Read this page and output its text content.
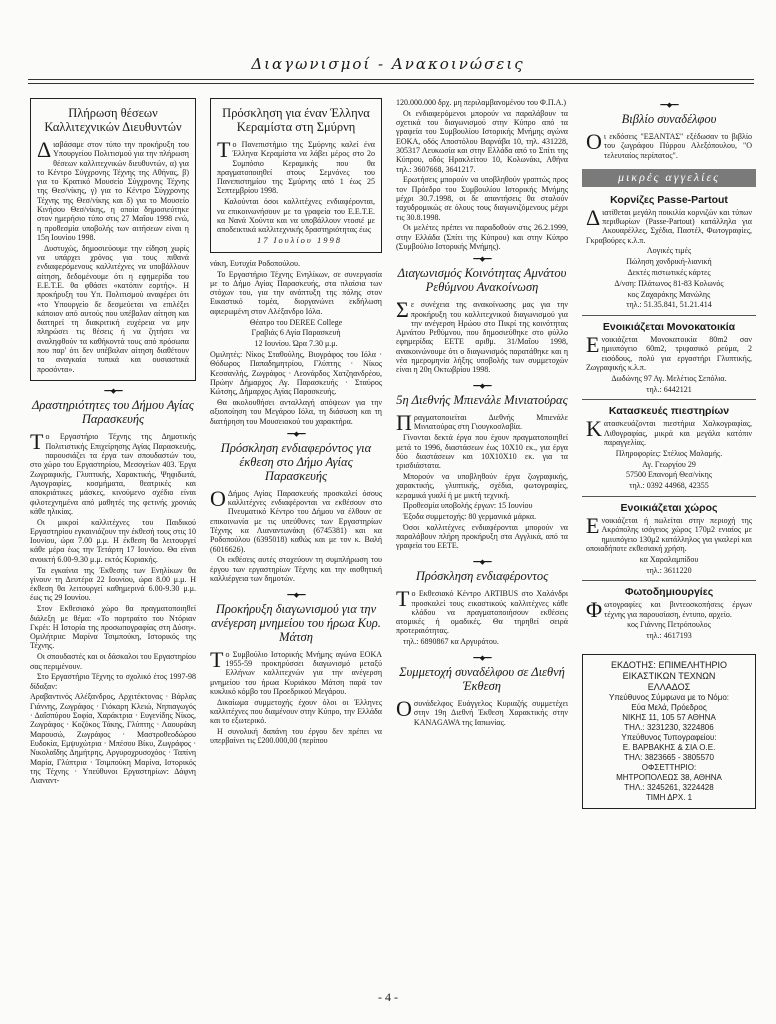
Διαγωνισμοί - Ανακοινώσεις
Πλήρωση θέσεων Καλλιτεχνικών Διευθυντών

Διαβάσαμε στον τύπο την προκήρυξη του Υπουργείου Πολιτισμού για την πλήρωση θέσεων καλλιτεχνικών διευθυντών, α) για το Κέντρο Σύγχρονης Τέχνης της Αθήνας, β) για το Κρατικό Μουσείο Σύγχρονης Τέχνης της Θεσ/νίκης, γ) για το Κέντρο Σύγχρονης Τέχνης της Θεσ/νίκης και δ) για το Μουσείο Κινήσου Θεσ/νίκης, η οποία δημοσιεύτηκε στον ημερήσιο τύπο στις 27 Μαΐου 1998 ενώ, η προθεσμία υποβολής των αιτήσεων είναι η 15η Ιουνίου 1998.

Δυστυχώς, δημοσιεύουμε την είδηση χωρίς να υπάρχει χρόνος για τους πιθανά ενδιαφερόμενους καλλιτέχνες να υποβάλλουν αίτηση, δεδομένουμε ότι η εφημερίδα του Ε.Ε.Τ.Ε. θα φθάσει «κατόπιν εορτής». Η προκήρυξη του Υπ. Πολιτισμού αναφέρει ότι «το Υπουργείο δε δεσμεύεται να επιλέξει κάποιον από αυτούς που υπέβαλαν αίτηση και διατηρεί τη διακριτική ευχέρεια να μην πληρώσει τις θέσεις ή να ζητήσει να αναληφθούν τα καθήκοντά τους από πρόσωπα που παρ' ότι δεν υπέβαλαν αίτηση διαθέτουν τα αναγκαία τυπικά και ουσιαστικά προσόντα».

━━◆━━
Δραστηριότητες του Δήμου Αγίας Παρασκευής

Το Εργαστήριο Τέχνης της Δημοτικής Πολιτιστικής Επιχείρησης Αγίας Παρασκευής, παρουσιάζει τα έργα των σπουδαστών του, στο χώρο του Εργαστηρίου, Μεσογείων 403. Έργα Ζωγραφικής, Γλυπτικής, Χαρακτικής, Ψηφιδωτά, Αγιογραφίες, κοσμήματα, θεατρικές και αποκριάτικες μάσκες, κινούμενο σχέδιο είναι φιλοτεχνημένα από μαθητές της φετινής χρονιάς κάθε ηλικίας.

Οι μικροί καλλιτέχνες του Παιδικού Εργαστηρίου εγκαινιάζουν την έκθεσή τους στις 10 Ιουνίου, ώρα 7.00 μ.μ. Η έκθεση θα λειτουργεί κάθε μέρα έως την Τετάρτη 17 Ιουνίου. Θα είναι ανοικτή 6.00-9.30 μ.μ. εκτός Κυριακής.

Τα εγκαίνια της Έκθεσης των Ενηλίκων θα γίνουν τη Δευτέρα 22 Ιουνίου, ώρα 8.00 μ.μ. Η έκθεση θα λειτουργεί καθημερινά 6.00-9.30 μ.μ. έως τις 29 Ιουνίου.

Στον Εκθεσιακό χώρο θα πραγματοποιηθεί διάλεξη με θέμα: «Το πορτραίτο του Ντόριαν Γκρέι: Η Ιστορία της προσωπογραφίας στη Δύση». Ομιλήτρια: Μαρίνα Τσιμπούκη, Ιστορικός της Τέχνης.

Οι σπουδαστές και οι δάσκαλοι του Εργαστηρίου σας περιμένουν.

Στο Εργαστήριο Τέχνης το σχολικό έτος 1997-98 δίδαξαν:

Αραβαντινός Αλέξανδρος, Αρχιτέκτονας · Βάρλας Γιάννης, Ζωγράφος · Γιόκαρη Κλειώ, Νηπιαγωγός · Δαΐσπύρου Σοφία, Χαράκτρια · Ευγενίδης Νίκος, Ζωγράφος · Κοζόκος Τάκης, Γλύπτης · Λαουράκη Μαρουσώ, Ζωγράφος · Μαστροθεοδώρου Ευδοκία, Εμψυχώτρια · Μπέσου Βίκυ, Ζωγράφος · Νικολαΐδης Δημήτρης, Αργυροχρυσοχόος · Ταπίνη Μαρία, Γλύπτρια · Τσιμπούκη Μαρίνα, Ιστορικός της Τέχνης · Υπεύθυνοι Εργαστηρίων: Δάφνη Λιαναντ-

Πρόσκληση για έναν Έλληνα Κεραμίστα στη Σμύρνη

Το Πανεπιστήμιο της Σμύρνης καλεί ένα Έλληνα Κεραμίστα να λάβει μέρος στο 2ο Συμπόσιο Κεραμικής που θα πραγματοποιηθεί στους Σεμνόνες του Πανεπιστημίου της Σμύρνης από 1 έως 25 Σεπτεμβρίου 1998.

Καλούνται όσοι καλλιτέχνες ενδιαφέρονται, να επικοινωνήσουν με τα γραφεία του Ε.Ε.Τ.Ε. κα Νανά Χούντα και να υποβάλλουν ντοσιέ με αποδεικτικά καλλιτεχνικής δραστηριότητας έως

17 Ιουλίου 1998

νάκη, Ευτυχία Ροδοπούλου.

Το Εργαστήριο Τέχνης Ενηλίκων, σε συνεργασία με το Δήμο Αγίας Παρασκευής, στα πλαίσια των στόχων του, για την ανάπτυξη της πόλης στον Εικαστικό τομέα, διοργανώνει εκδήλωση αφιερωμένη στον Αλέξανδρο Ιόλα.

Θέατρο του DEREE College

Γραβιάς 6 Αγία Παρασκευή

12 Ιουνίου. Ώρα 7.30 μ.μ.

Ομιλητές: Νίκος Σταθούλης, Βιογράφος του Ιόλα · Θόδωρος Παπαδημητρίου, Γλύπτης · Νίκος Κεσσανλής, Ζωγράφος · Λεονάρδος Χατζηανδρέου, Πρώην Δήμαρχος Αγ. Παρασκευής · Σταύρος Κώτσης, Δήμαρχος Αγίας Παρασκευής.

Θα ακολουθήσει ανταλλαγή απόψεων για την αξιοποίηση του Μεγάρου Ιόλα, τη διάσωση και τη διατήρηση του Μουσειακού του χαρακτήρα.

━━◆━━
Πρόσκληση ενδιαφερόντος για έκθεση στο Δήμο Αγίας Παρασκευής

Ο Δήμος Αγίας Παρασκευής προσκαλεί όσους καλλιτέχνες ενδιαφέρονται να εκθέσουν στο Πνευματικό Κέντρο του Δήμου να έλθουν σε επικοινωνία με τις υπεύθυνες των Εργαστηρίων Τέχνης κα Λιαναντωνάκη (6745381) και κα Ροδοπούλου (6395018) καθώς και με τον κ. Βαλή (6016626).

Οι εκθέσεις αυτές στοχεύουν τη συμπλήρωση του έργου των εργαστηρίων Τέχνης και την αισθητική καλλιέργεια των δημοτών.

━━◆━━
Προκήρυξη διαγωνισμού για την ανέγερση μνημείου του ήρωα Κυρ. Μάτση

Το Συμβούλιο Ιστορικής Μνήμης αγώνα ΕΟΚΑ 1955-59 προκηρύσσει διαγωνισμό μεταξύ Ελλήνων καλλιτεχνών για την ανέγερση μνημείου του ήρωα Κυριάκου Μάτση παρά τον κυκλικό κόμβο του Προεδρικού Μεγάρου.

Δικαίωμα συμμετοχής έχουν όλοι οι Έλληνες καλλιτέχνες που διαμένουν στην Κύπρο, την Ελλάδα και το εξωτερικό.

Η συνολική δαπάνη του έργου δεν πρέπει να υπερβαίνει τις £200.000,00 (περίπου

120.000.000 δρχ. μη περιλαμβανομένου του Φ.Π.Α.)

Οι ενδιαφερόμενοι μπορούν να παραλάβουν τα σχετικά του διαγωνισμού στην Κύπρο από τα γραφεία του Συμβουλίου Ιστορικής Μνήμης αγώνα ΕΟΚΑ, οδός Αποστόλου Βαρνάβα 10, τηλ. 431228, 305317 Λευκωσία και στην Ελλάδα από το Σπίτι της Κύπρου, οδός Ηρακλείτου 10, Κολωνάκι, Αθήνα τηλ.: 3607668, 3641217.

Ερωτήσεις μπορούν να υποβληθούν γραπτώς προς τον Πρόεδρο του Συμβουλίου Ιστορικής Μνήμης μέχρι 30.7.1998, οι δε απαντήσεις θα σταλούν ταχυδρομικώς σε όλους τους διαγωνιζόμενους μέχρι τις 30.8.1998.

Οι μελέτες πρέπει να παραδοθούν στις 26.2.1999, στην Ελλάδα (Σπίτι της Κύπρου) και στην Κύπρο (Συμβούλιο Ιστορικής Μνήμης).

━━◆━━
Διαγωνισμός Κοινότητας Αμνάτου Ρεθύμνου Ανακοίνωση

Σε συνέχεια της ανακοίνωσης μας για την προκήρυξη του καλλιτεχνικού διαγωνισμού για την ανέγερση Ηρώου στο Πικρί της κοινότητας Αμνάτου Ρεθύμνου, που δημοσιεύθηκε στο φύλλο εφημερίδας ΕΕΤΕ αριθμ. 31/Μαΐου 1998, ανακοινώνουμε ότι ο διαγωνισμός παρατάθηκε και η νέα ημερομηνία λήξης υποβολής των συμμετοχών είναι η 20η Οκτωβρίου 1998.

━━◆━━
5η Διεθνής Μπιενάλε Μινιατούρας

Πραγματοποιείται Διεθνής Μπιενάλε Μινιατούρας στη Γιουγκοσλαβία.

Γίνονται δεκτά έργα που έχουν πραγματοποιηθεί μετά το 1996, διαστάσεων έως 10Χ10 εκ., για έργα δύο διαστάσεων και 10Χ10Χ10 εκ. για τα τρισδιάστατα.

Μπορούν να υποβληθούν έργα ζωγραφικής, χαρακτικής, γλυπτικής, σχέδια, φωτογραφίες, κεραμικά γυαλί ή με μικτή τεχνική.

Προθεσμία υποβολής έργων: 15 Ιουνίου

Έξοδα συμμετοχής: 80 γερμανικά μάρκα.

Όσοι καλλιτέχνες ενδιαφέρονται μπορούν να παραλάβουν πλήρη προκήρυξη στα Αγγλικά, από τα γραφεία του ΕΕΤΕ.

━━◆━━
Πρόσκληση ενδιαφέροντος

Το Εκθεσιακό Κέντρο ARTIBUS στο Χαλάνδρι προσκαλεί τους εικαστικούς καλλιτέχνες κάθε κλάδου να πραγματοποιήσουν εκθέσεις ατομικές ή ομαδικές. Θα τηρηθεί σειρά προτεραιότητας.

τηλ.: 6890867 κα Αργυράτου.

━━◆━━
Συμμετοχή συναδέλφου σε Διεθνή Έκθεση

Οσυνάδελφος Ευάγγελος Κυριαζής συμμετέχει στην 19η Διεθνή Έκθεση Χαρακτικής στην KANAGAWA της Ιαπωνίας.

━━◆━━
Βιβλίο συναδέλφου

Οι εκδόσεις "ΕΞΑΝΤΑΣ" εξέδωσαν το βιβλίο του ζωγράφου Πύρρου Αλεξόπουλου, "Ο τελευταίος περίπατος".

μικρές αγγελίες
Κορνίζες Passe-Partout

Διατίθεται μεγάλη ποικιλία κορνιζών και τύπων περιθωρίων (Passe-Partout) κατάλληλα για Ακουαρέλλες, Σχέδια, Παστέλ, Φωτογραφίες, Γκραβούρες κ.λ.π.

Λογικές τιμές

Πώληση χονδρική-λιανική

Δεκτές πιστωτικές κάρτες

Δ/νση: Πλάτωνος 81-83 Κολωνός

κος Ζαχαράκης Μανώλης

τηλ.: 51.35.841, 51.21.414

Ενοικιάζεται Μονοκατοικία

Ενοικιάζεται Μονοκατοικία 80m2 σαν ημιυπόγειο 60m2, τριφασικό ρεύμα, 2 εισόδους, πολύ για εργαστήρι Γλυπτικής, Ζωγραφικής κ.λ.π.

Δωδώνης 97 Αγ. Μελέτιος Σεπόλια.

τηλ.: 6442121

Κατασκευές πιεστηρίων

Κατασκευάζονται πιεστήρια Χαλκογραφίας, Λιθογραφίας, μικρά και μεγάλα κατόπιν παραγγελίας.

Πληροφορίες: Στέλιος Μαλαμής.

Αγ. Γεωργίου 29

57500 Επανομή Θεσ/νίκης

τηλ.: 0392 44968, 42355

Ενοικιάζεται χώρος

Ενοικιάζεται ή πωλείται στην περιοχή της Ακρόπολης ισόγειος χώρος 170μ2 ενιαίος με ημιυπόγειο 130μ2 κατάλληλος για γκαλερί και οποιαδήποτε εκθεσιακή χρήση.

κα Χαραλαμπίδου

τηλ.: 3611220

Φωτοδημιουργίες

Φωτογραφίες και βιντεοσκοπήσεις έργων τέχνης για παρουσίαση, έντυπο, αρχείο.

κος Γιάννης Πετρόπουλος

τηλ.: 4617193

ΕΚΔΟΤΗΣ: ΕΠΙΜΕΛΗΤΗΡΙΟ
ΕΙΚΑΣΤΙΚΩΝ ΤΕΧΝΩΝ
ΕΛΛΑΔΟΣ
Υπεύθυνος Σύμφωνα με το Νόμο:
Εύα Μελά, Πρόεδρος
ΝΙΚΗΣ 11, 105 57 ΑΘΗΝΑ
ΤΗΛ.: 3231230, 3224806
Υπεύθυνος Τυπογραφείου:
Ε. ΒΑΡΒΑΚΗΣ & ΣΙΑ Ο.Ε.
ΤΗΛ: 3823665 - 3805570
ΟΦΣΕΤΤΗΡΙΟ:
ΜΗΤΡΟΠΟΛΕΩΣ 38, ΑΘΗΝΑ
ΤΗΛ.: 3245261, 3224428
ΤΙΜΗ ΔΡΧ. 1
- 4 -
